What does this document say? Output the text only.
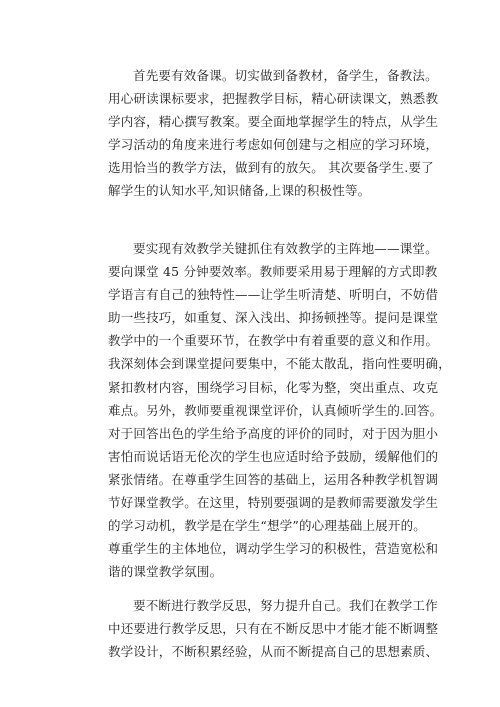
首先要有效备课。切实做到备教材，备学生，备教法。
用心研读课标要求，把握教学目标，精心研读课文，熟悉教
学内容，精心撰写教案。要全面地掌握学生的特点，从学生
学习活动的角度来进行考虑如何创建与之相应的学习环境，
选用恰当的教学方法，做到有的放矢。 其次要备学生.要了
解学生的认知水平,知识储备,上课的积极性等。
要实现有效教学关键抓住有效教学的主阵地——课堂。
要向课堂 45 分钟要效率。教师要采用易于理解的方式即教
学语言有自己的独特性——让学生听清楚、听明白，不妨借
助一些技巧，如重复、深入浅出、抑扬顿挫等。提问是课堂
教学中的一个重要环节，在教学中有着重要的意义和作用。
我深刻体会到课堂提问要集中，不能太散乱，指向性要明确，
紧扣教材内容，围绕学习目标，化零为整，突出重点、攻克
难点。另外，教师要重视课堂评价，认真倾听学生的.回答。
对于回答出色的学生给予高度的评价的同时，对于因为胆小
害怕而说话语无伦次的学生也应适时给予鼓励，缓解他们的
紧张情绪。在尊重学生回答的基础上，运用各种教学机智调
节好课堂教学。在这里，特别要强调的是教师需要激发学生
的学习动机，教学是在学生“想学”的心理基础上展开的。
尊重学生的主体地位，调动学生学习的积极性，营造宽松和
谐的课堂教学氛围。
要不断进行教学反思，努力提升自己。我们在教学工作
中还要进行教学反思，只有在不断反思中才能才能不断调整
教学设计，不断积累经验，从而不断提高自己的思想素质、
